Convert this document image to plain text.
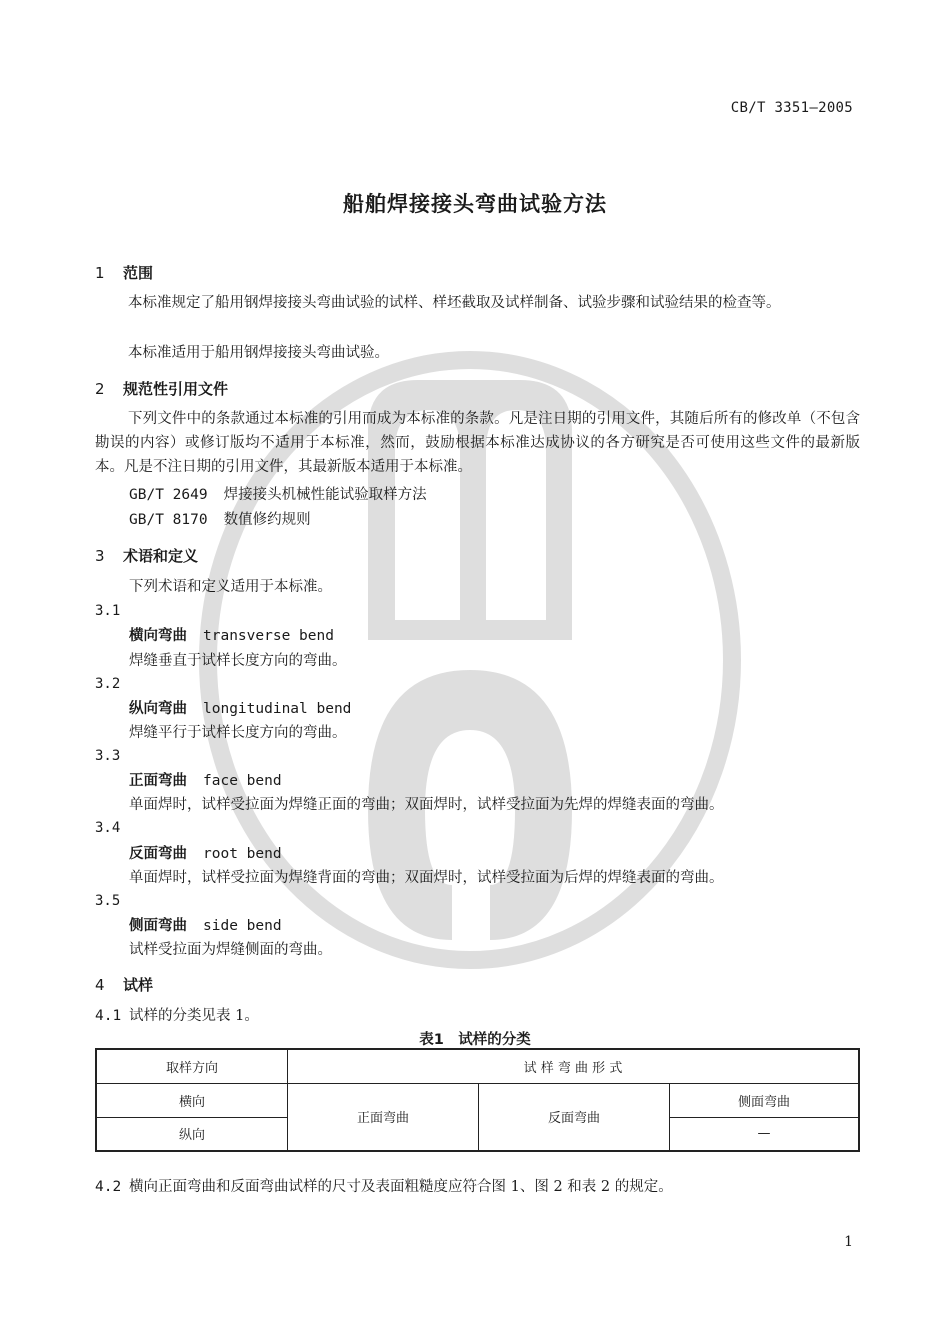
CB/T 3351—2005
船舶焊接接头弯曲试验方法
1 范围
本标准规定了船用钢焊接接头弯曲试验的试样、样坯截取及试样制备、试验步骤和试验结果的检查等。
本标准适用于船用钢焊接接头弯曲试验。
2 规范性引用文件
下列文件中的条款通过本标准的引用而成为本标准的条款。凡是注日期的引用文件，其随后所有的修改单（不包含勘误的内容）或修订版均不适用于本标准，然而，鼓励根据本标准达成协议的各方研究是否可使用这些文件的最新版本。凡是不注日期的引用文件，其最新版本适用于本标准。
GB/T 2649 焊接接头机械性能试验取样方法
GB/T 8170 数值修约规则
3 术语和定义
下列术语和定义适用于本标准。
3.1
横向弯曲 transverse bend
焊缝垂直于试样长度方向的弯曲。
3.2
纵向弯曲 longitudinal bend
焊缝平行于试样长度方向的弯曲。
3.3
正面弯曲 face bend
单面焊时，试样受拉面为焊缝正面的弯曲；双面焊时，试样受拉面为先焊的焊缝表面的弯曲。
3.4
反面弯曲 root bend
单面焊时，试样受拉面为焊缝背面的弯曲；双面焊时，试样受拉面为后焊的焊缝表面的弯曲。
3.5
侧面弯曲 side bend
试样受拉面为焊缝侧面的弯曲。
4 试样
4.1 试样的分类见表 1。
表1　试样的分类
取样方向	试 样 弯 曲 形 式		
横向	正面弯曲	反面弯曲	侧面弯曲
纵向			—
4.2 横向正面弯曲和反面弯曲试样的尺寸及表面粗糙度应符合图 1、图 2 和表 2 的规定。
1
